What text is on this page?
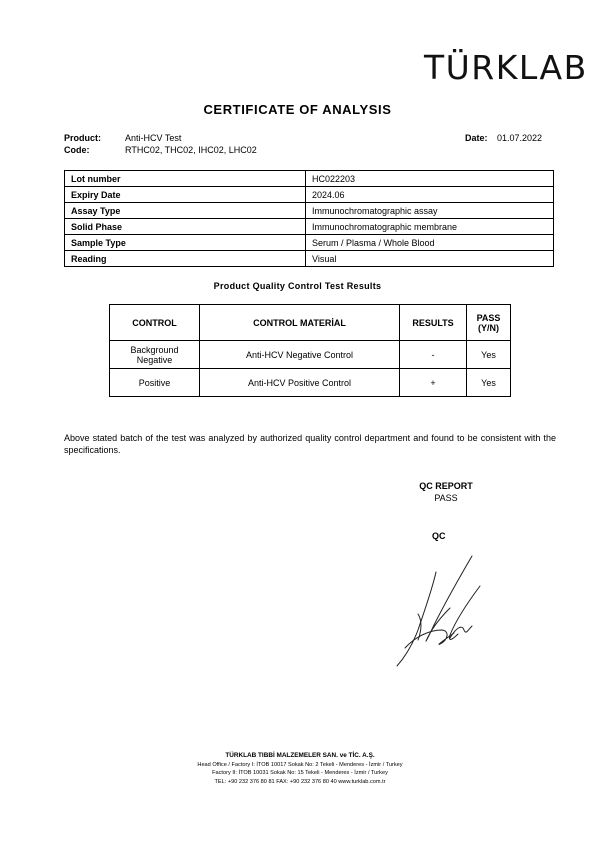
TÜRKLAB
CERTIFICATE OF ANALYSIS
Product:	Anti-HCV Test
Code:	RTHC02, THC02, IHC02, LHC02
Date: 01.07.2022
Lot number	HC022203
Expiry Date	2024.06
Assay Type	Immunochromatographic assay
Solid Phase	Immunochromatographic membrane
Sample Type	Serum / Plasma / Whole Blood
Reading	Visual
Product Quality Control Test Results
CONTROL	CONTROL MATERİAL	RESULTS	PASS
(Y/N)

Background
Negative	Anti-HCV Negative Control	-	Yes
Positive	Anti-HCV Positive Control	+	Yes
Above stated batch of the test was analyzed by authorized quality control department and found to be consistent with the specifications.
QC REPORT
PASS
QC
TÜRKLAB TIBBİ MALZEMELER SAN. ve TİC. A.Ş.
Head Office / Factory I: İTOB 10017 Sokak No: 2 Tekeli - Menderes - İzmir / Turkey
Factory II: İTOB 10031 Sokak No: 15 Tekeli - Menderes - İzmir / Turkey
TEL: +90 232 376 80 81 FAX: +90 232 376 80 40 www.turklab.com.tr
